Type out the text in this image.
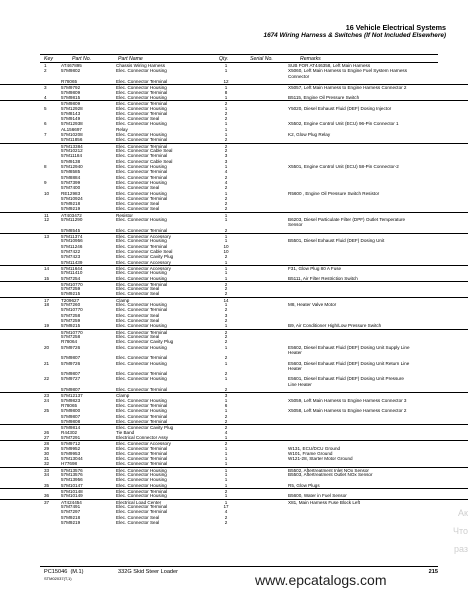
16 Vehicle Electrical Systems
1674 Wiring Harness & Switches (If Not Included Elsewhere)
Key	Part No.	Part Name	Qty.	Serial No.	Remarks
1	AT467895	Chassis Wiring Harness	1	SUB FOR AT446358, Left Main Harness
2	57M9802	Elec. Connector Housing	1	X5060, Left Main Harness to Engine Fuel System Harness
Connector
R78065	Elec. Connector Terminal	12
3	57M9792	Elec. Connector Housing	1	X5057, Left Main Harness to Engine Harness Connector 2
57M9809	Elec. Connector Terminal	8
4	57M9815	Elec. Connector Housing	1	B5115, Engine Oil Pressure Switch
57M9809	Elec. Connector Terminal	2
5	57M12928	Elec. Connector Housing	1	Y5020, Diesel Exhaust Fluid (DEF) Dosing Injector
57M8143	Elec. Connector Terminal	2
57M9149	Elec. Connector Seal	2
6	57M12938	Elec. Connector Housing	1	X5502, Engine Control Unit (ECU) 96-Pin Connector 1
AL156697	Relay	1
7	57M10208	Elec. Connector Housing	1	K2, Glow Plug Relay
57M11856	Elec. Connector Terminal	2
57M13384	Elec. Connector Terminal	2
57M10212	Elec. Connector Cable Seal	2
57M11184	Elec. Connector Terminal	3
57M9138	Elec. Connector Cable Seal	3
8	57M12940	Elec. Connector Housing	1	X5501, Engine Control Unit (ECU) 58-Pin Connector-2
57M8585	Elec. Connector Terminal	4
57M8884	Elec. Connector Terminal	2
9	57M7399	Elec. Connector Housing	4
57M7400	Elec. Connector Seal	2
10	RE12983	Elec. Connector Housing	1	R5600 , Engine Oil Pressure Switch Resistor
57M10924	Elec. Connector Terminal	2
57M9218	Elec. Connector Seal	2
57M9219	Elec. Connector Seal	2
11	AT403472	Resistor	1
12	57M11290	Elec. Connector Housing	1	B6203, Diesel Particulate Filter (DPF) Outlet Temperature
Sensor
57M8545	Elec. Connector Terminal	2
13	57M11374	Elec. Connector Accessory	1
57M10956	Elec. Connector Housing	1	B5501, Diesel Exhaust Fluid (DEF) Dosing Unit
57M11246	Elec. Connector Terminal	10
57M7422	Elec. Connector Cable Seal	10
57M7423	Elec. Connector Cavity Plug	2
57M11439	Elec. Connector Accessory	1
14	57M11644	Elec. Connector Accessory	1	F31, Glow Plug 80 A Fuse
57M11410	Elec. Connector Housing	1
15	57M7254	Elec. Connector Housing	1	B5111, Air Filter Restriction Switch
57M10770	Elec. Connector Terminal	2
57M7259	Elec. Connector Seal	2
57M9215	Elec. Connector Seal	2
17	T209627	Clamp	14
18	57M7260	Elec. Connector Housing	1	M8, Heater Valve Motor
57M10770	Elec. Connector Terminal	2
57M7258	Elec. Connector Seal	3
57M7259	Elec. Connector Seal	2
19	57M9215	Elec. Connector Housing	1	B9, Air Conditioner High/Low Pressure Switch
57M10770	Elec. Connector Terminal	2
57M7258	Elec. Connector Seal	2
R78064	Elec. Connector Cavity Plug	2
20	57M9726	Elec. Connector Housing	1	E5602, Diesel Exhaust Fluid (DEF) Dosing Unit Supply Line
Heater
57M9807	Elec. Connector Terminal	2
21	57M9726	Elec. Connector Housing	1	E5603, Diesel Exhaust Fluid (DEF) Dosing Unit Return Line
Heater
57M9807	Elec. Connector Terminal	2
22	57M9727	Elec. Connector Housing	1	E5601, Diesel Exhaust Fluid (DEF) Dosing Unit Pressure
Line Heater
57M9807	Elec. Connector Terminal	2
23	57M12137	Clamp	3
24	57M9823	Elec. Connector Housing	1	X5059, Left Main Harness to Engine Harness Connector 3
R78065	Elec. Connector Terminal	6
25	57M9800	Elec. Connector Housing	1	X5058, Left Main Harness to Engine Harness Connector 2
57M9807	Elec. Connector Terminal	2
57M9808	Elec. Connector Terminal	2
57M9814	Elec. Connector Cavity Plug	2
26	R44302	Tie Band	4
27	57M7291	Electrical Connector Assy	1
28	57M9712	Elec. Connector Accessory	2
29	57M9952	Elec. Connector Terminal	1	W131, ECU/DCU Ground
30	57M9953	Elec. Connector Terminal	1	W101, Frame Ground
31	57M13044	Elec. Connector Terminal	1	W121-28, Starter Motor Ground
32	H77698	Elec. Connector Terminal	1
33	57M13576	Elec. Connector Housing	1	B5502, Aftertreatment Inlet NOx Sensor
34	57M13576	Elec. Connector Housing	1	B5503, Aftertreatment Outlet NOx Sensor
57M13956	Elec. Connector Housing	1
35	57M10147	Elec. Connector Housing	1	R5, Glow Plugs
57M10148	Elec. Connector Terminal	2
36	57M10149	Elec. Connector Housing	1	B5600, Water in Fuel Sensor
37	AT424454	Electrical Load Center	1	X81, Main Harness Fuse Block Left
57M7491	Elec. Connector Terminal	17
57M7297	Elec. Connector Terminal	4
57M9218	Elec. Connector Seal	2
57M9219	Elec. Connector Seal	2
PC15046 (M.1)
STM02037(T,1)
332G Skid Steer Loader	215
www.epcatalogs.com
Ак
Что
раз
